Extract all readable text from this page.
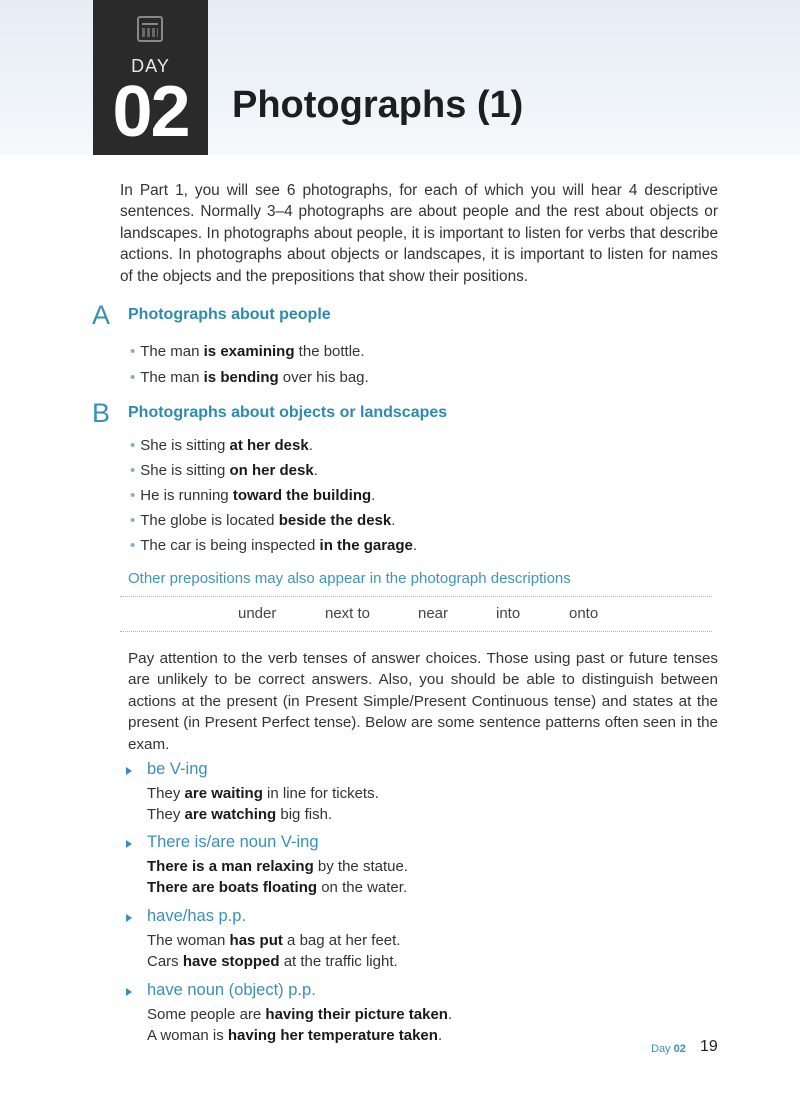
DAY
02	Photographs (1)

In Part 1, you will see 6 photographs, for each of which you will hear 4 descriptive sentences. Normally 3–4 photographs are about people and the rest about objects or landscapes. In photographs about people, it is important to listen for verbs that describe actions. In photographs about objects or landscapes, it is important to listen for names of the objects and the prepositions that show their positions.

A Photographs about people
• The man is examining the bottle.
• The man is bending over his bag.
B Photographs about objects or landscapes
• She is sitting at her desk.
• She is sitting on her desk.
• He is running toward the building.
• The globe is located beside the desk.
• The car is being inspected in the garage.
Other prepositions may also appear in the photograph descriptions
under	next to	near	into	onto

Pay attention to the verb tenses of answer choices. Those using past or future tenses are unlikely to be correct answers. Also, you should be able to distinguish between actions at the present (in Present Simple/Present Continuous tense) and states at the present (in Present Perfect tense). Below are some sentence patterns often seen in the exam.

be V-ing
They are waiting in line for tickets.
They are watching big fish.
There is/are noun V-ing
There is a man relaxing by the statue.
There are boats floating on the water.
have/has p.p.
The woman has put a bag at her feet.
Cars have stopped at the traffic light.
have noun (object) p.p.
Some people are having their picture taken.
A woman is having her temperature taken.
Day 02 19
